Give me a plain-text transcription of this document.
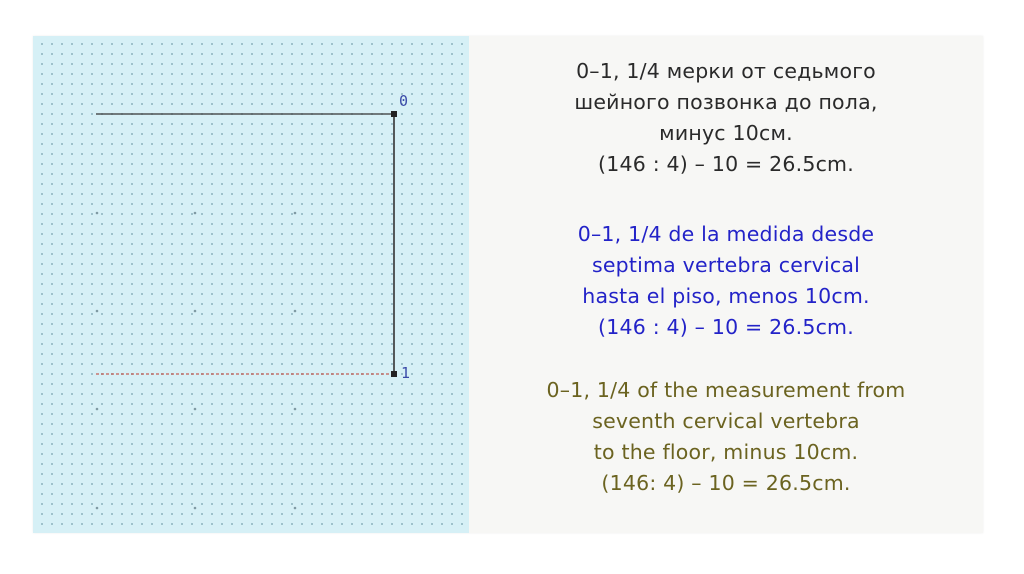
0
1
0–1, 1/4 мерки от седьмого
шейного позвонка до пола,
минус 10см.
(146 : 4) – 10 = 26.5cm.
0–1, 1/4 de la medida desde
septima vertebra cervical
hasta el piso, menos 10cm.
(146 : 4) – 10 = 26.5cm.
0–1, 1/4 of the measurement from
seventh cervical vertebra
to the floor, minus 10cm.
(146: 4) – 10 = 26.5cm.
